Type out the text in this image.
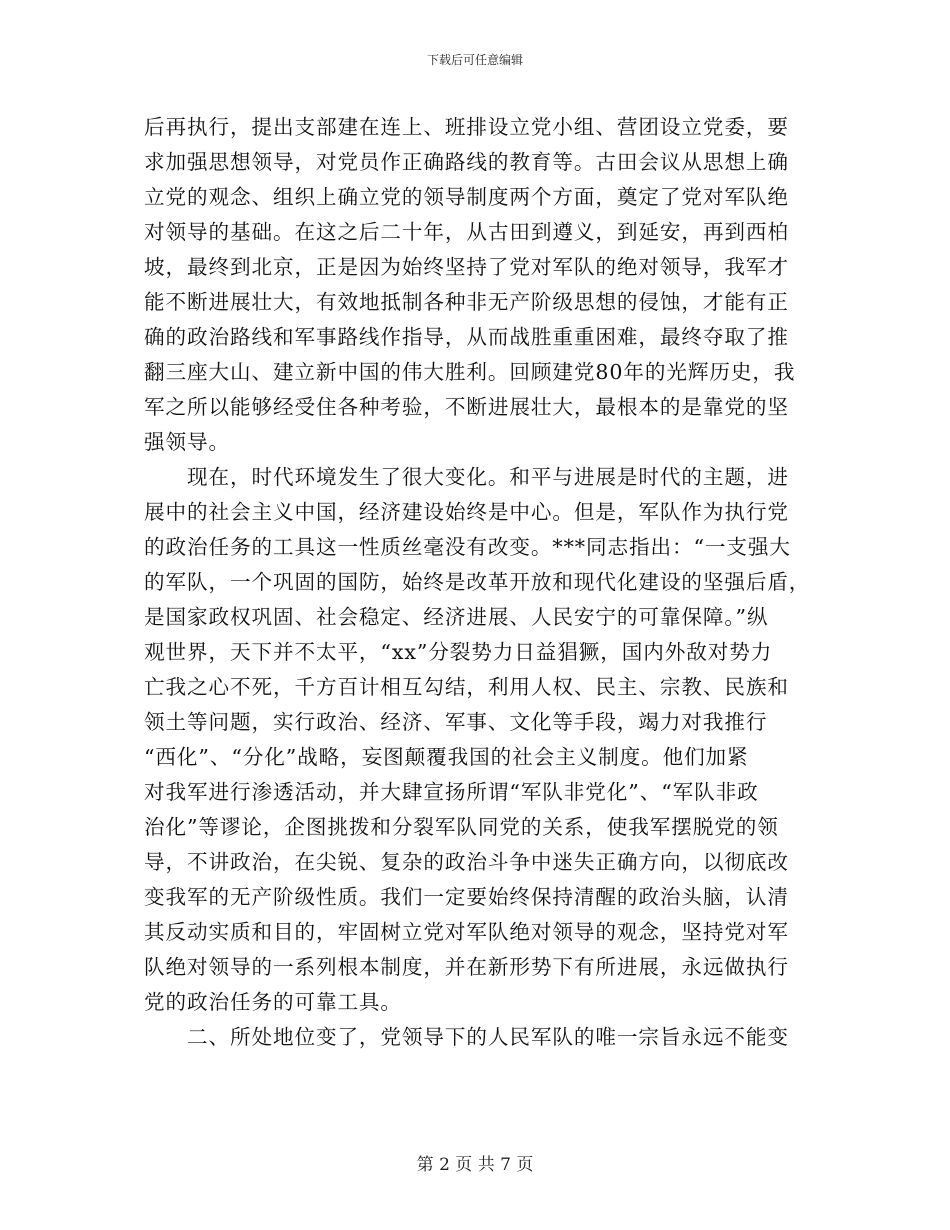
下载后可任意编辑
后再执行，提出支部建在连上、班排设立党小组、营团设立党委，要
求加强思想领导，对党员作正确路线的教育等。古田会议从思想上确
立党的观念、组织上确立党的领导制度两个方面，奠定了党对军队绝
对领导的基础。在这之后二十年，从古田到遵义，到延安，再到西柏
坡，最终到北京，正是因为始终坚持了党对军队的绝对领导，我军才
能不断进展壮大，有效地抵制各种非无产阶级思想的侵蚀，才能有正
确的政治路线和军事路线作指导，从而战胜重重困难，最终夺取了推
翻三座大山、建立新中国的伟大胜利。回顾建党80年的光辉历史，我
军之所以能够经受住各种考验，不断进展壮大，最根本的是靠党的坚
强领导。
　　现在，时代环境发生了很大变化。和平与进展是时代的主题，进
展中的社会主义中国，经济建设始终是中心。但是，军队作为执行党
的政治任务的工具这一性质丝毫没有改变。***同志指出：“一支强大
的军队，一个巩固的国防，始终是改革开放和现代化建设的坚强后盾，
是国家政权巩固、社会稳定、经济进展、人民安宁的可靠保障。”纵
观世界，天下并不太平，“xx”分裂势力日益猖獗，国内外敌对势力
亡我之心不死，千方百计相互勾结，利用人权、民主、宗教、民族和
领土等问题，实行政治、经济、军事、文化等手段，竭力对我推行
“西化”、“分化”战略，妄图颠覆我国的社会主义制度。他们加紧
对我军进行渗透活动，并大肆宣扬所谓“军队非党化”、“军队非政
治化”等谬论，企图挑拨和分裂军队同党的关系，使我军摆脱党的领
导，不讲政治，在尖锐、复杂的政治斗争中迷失正确方向，以彻底改
变我军的无产阶级性质。我们一定要始终保持清醒的政治头脑，认清
其反动实质和目的，牢固树立党对军队绝对领导的观念，坚持党对军
队绝对领导的一系列根本制度，并在新形势下有所进展，永远做执行
党的政治任务的可靠工具。
　　二、所处地位变了，党领导下的人民军队的唯一宗旨永远不能变
第 2 页 共 7 页
